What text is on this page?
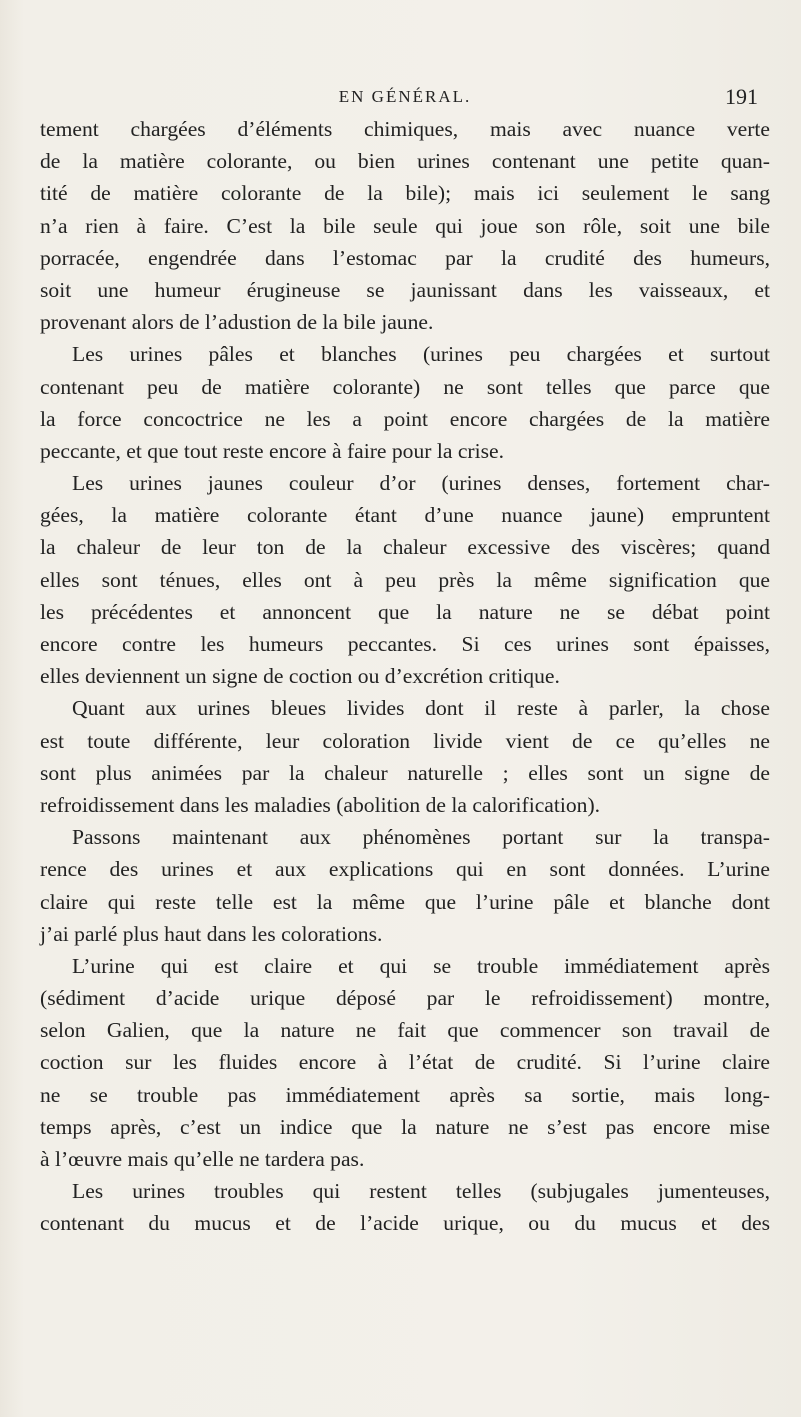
EN GÉNÉRAL.	191
tement chargées d’éléments chimiques, mais avec nuance verte
de la matière colorante, ou bien urines contenant une petite quan-
tité de matière colorante de la bile); mais ici seulement le sang
n’a rien à faire. C’est la bile seule qui joue son rôle, soit une bile
porracée, engendrée dans l’estomac par la crudité des humeurs,
soit une humeur érugineuse se jaunissant dans les vaisseaux, et
provenant alors de l’adustion de la bile jaune.
Les urines pâles et blanches (urines peu chargées et surtout
contenant peu de matière colorante) ne sont telles que parce que
la force concoctrice ne les a point encore chargées de la matière
peccante, et que tout reste encore à faire pour la crise.
Les urines jaunes couleur d’or (urines denses, fortement char-
gées, la matière colorante étant d’une nuance jaune) empruntent
la chaleur de leur ton de la chaleur excessive des viscères; quand
elles sont ténues, elles ont à peu près la même signification que
les précédentes et annoncent que la nature ne se débat point
encore contre les humeurs peccantes. Si ces urines sont épaisses,
elles deviennent un signe de coction ou d’excrétion critique.
Quant aux urines bleues livides dont il reste à parler, la chose
est toute différente, leur coloration livide vient de ce qu’elles ne
sont plus animées par la chaleur naturelle ; elles sont un signe de
refroidissement dans les maladies (abolition de la calorification).
Passons maintenant aux phénomènes portant sur la transpa-
rence des urines et aux explications qui en sont données. L’urine
claire qui reste telle est la même que l’urine pâle et blanche dont
j’ai parlé plus haut dans les colorations.
L’urine qui est claire et qui se trouble immédiatement après
(sédiment d’acide urique déposé par le refroidissement) montre,
selon Galien, que la nature ne fait que commencer son travail de
coction sur les fluides encore à l’état de crudité. Si l’urine claire
ne se trouble pas immédiatement après sa sortie, mais long-
temps après, c’est un indice que la nature ne s’est pas encore mise
à l’œuvre mais qu’elle ne tardera pas.
Les urines troubles qui restent telles (subjugales jumenteuses,
contenant du mucus et de l’acide urique, ou du mucus et des
